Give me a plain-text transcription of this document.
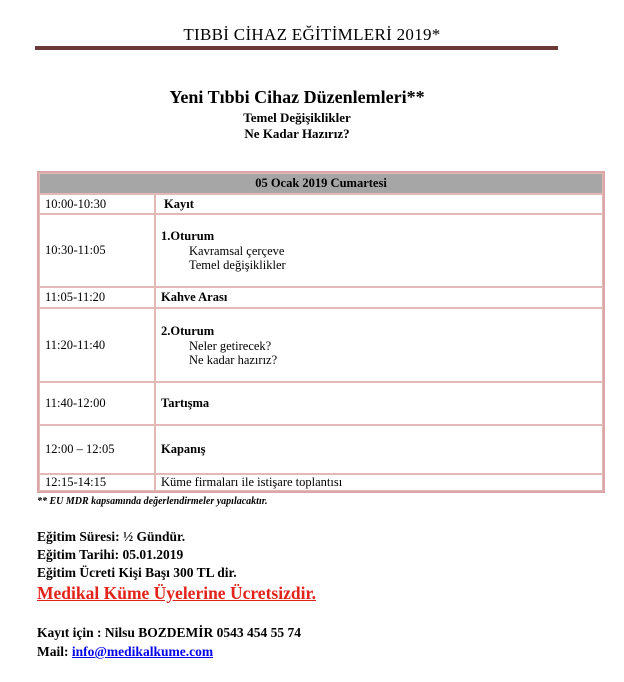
TIBBİ CİHAZ EĞİTİMLERİ 2019*
Yeni Tıbbi Cihaz Düzenlemleri**
Temel Değişiklikler
Ne Kadar Hazırız?
05 Ocak 2019 Cumartesi	
10:00-10:30	Kayıt
10:30-11:05	1.Oturum
Kavramsal çerçeve
Temel değişiklikler

11:05-11:20	Kahve Arası
11:20-11:40	2.Oturum
Neler getirecek?
Ne kadar hazırız?

11:40-12:00	Tartışma
12:00 – 12:05	Kapanış
12:15-14:15	Küme firmaları ile istişare toplantısı
** EU MDR kapsamında değerlendirmeler yapılacaktır.
Eğitim Süresi: ½ Gündür.
Eğitim Tarihi: 05.01.2019
Eğitim Ücreti Kişi Başı 300 TL dir.
Medikal Küme Üyelerine Ücretsizdir.
Kayıt için : Nilsu BOZDEMİR 0543 454 55 74
Mail: info@medikalkume.com
